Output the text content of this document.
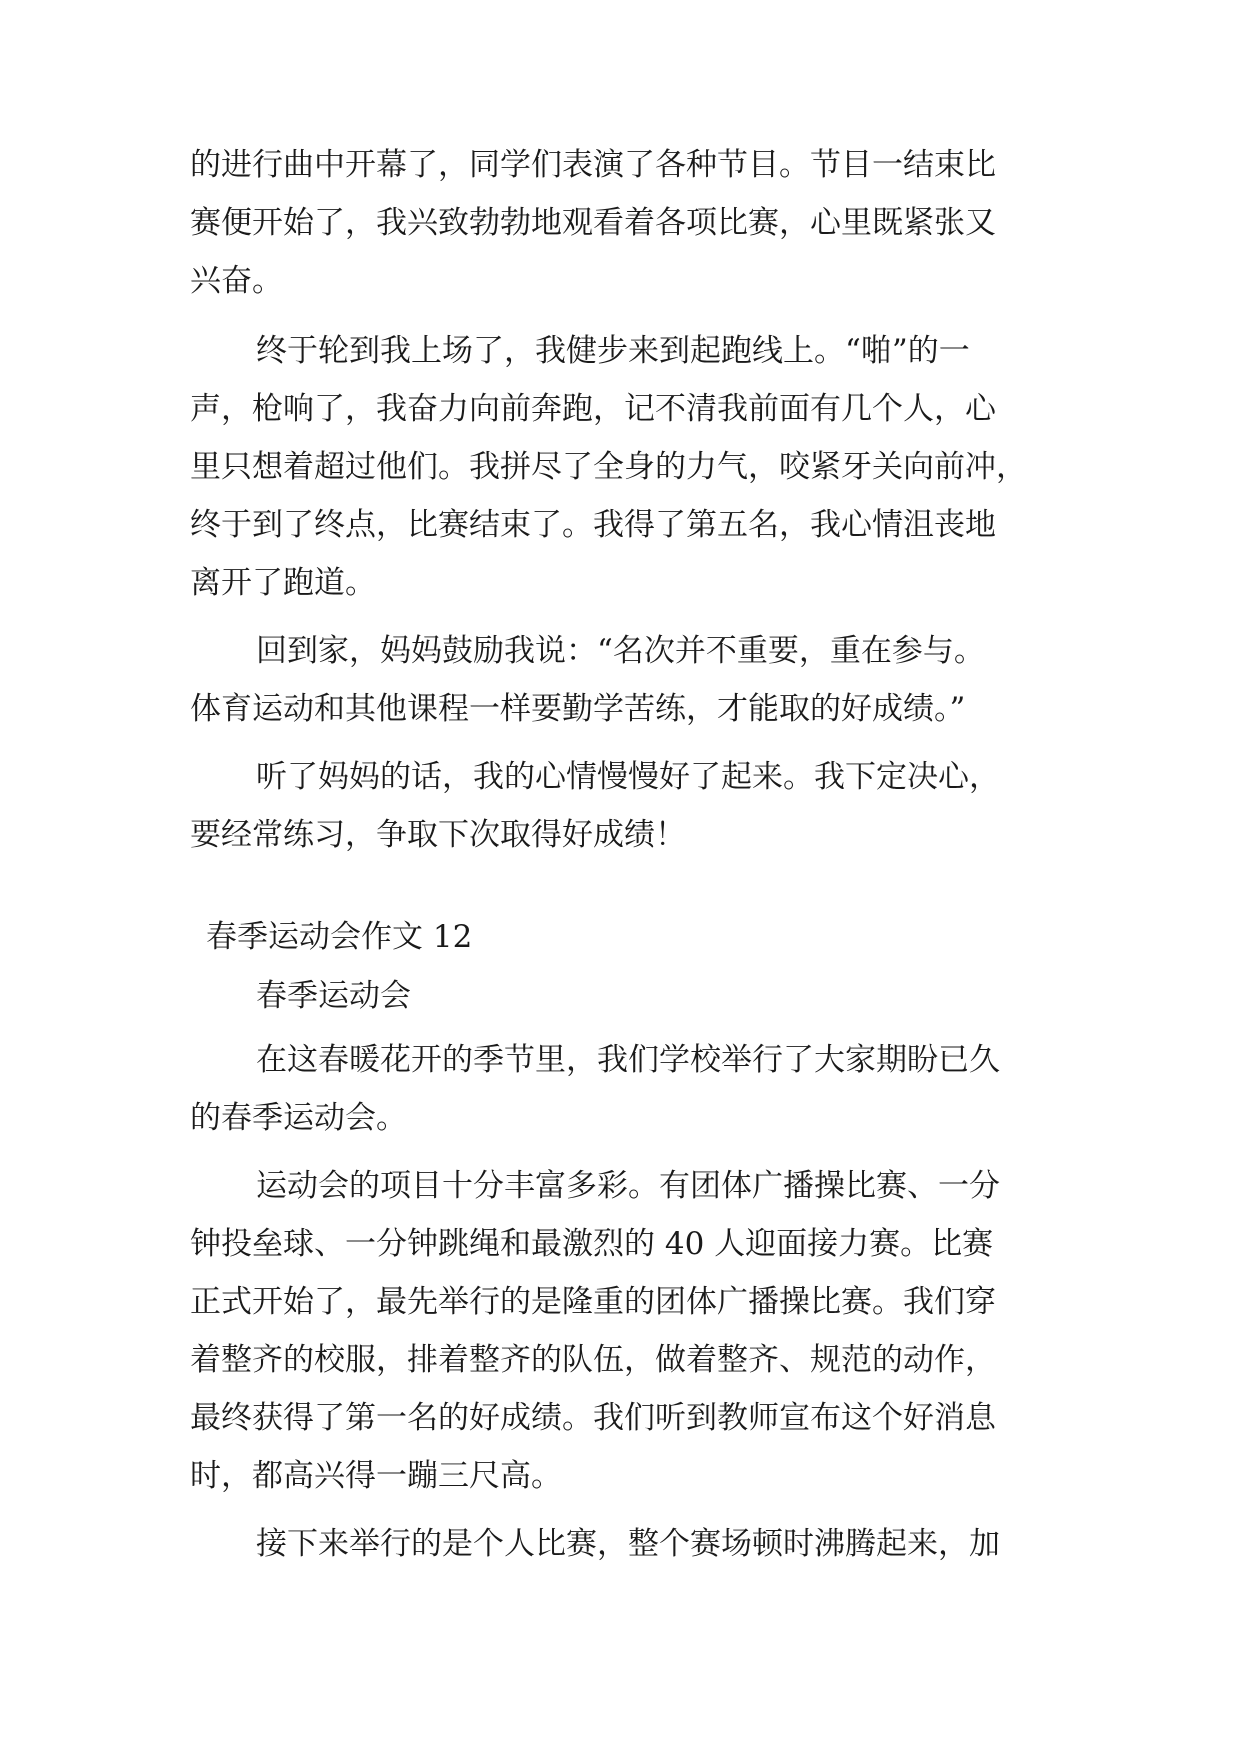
的进行曲中开幕了，同学们表演了各种节目。节目一结束比
赛便开始了，我兴致勃勃地观看着各项比赛，心里既紧张又
兴奋。
终于轮到我上场了，我健步来到起跑线上。“啪”的一
声，枪响了，我奋力向前奔跑，记不清我前面有几个人，心
里只想着超过他们。我拼尽了全身的力气，咬紧牙关向前冲，
终于到了终点，比赛结束了。我得了第五名，我心情沮丧地
离开了跑道。
回到家，妈妈鼓励我说：“名次并不重要，重在参与。
体育运动和其他课程一样要勤学苦练，才能取的好成绩。”
听了妈妈的话，我的心情慢慢好了起来。我下定决心，
要经常练习，争取下次取得好成绩！
春季运动会作文 12
春季运动会
在这春暖花开的季节里，我们学校举行了大家期盼已久
的春季运动会。
运动会的项目十分丰富多彩。有团体广播操比赛、一分
钟投垒球、一分钟跳绳和最激烈的 40 人迎面接力赛。比赛
正式开始了，最先举行的是隆重的团体广播操比赛。我们穿
着整齐的校服，排着整齐的队伍，做着整齐、规范的动作，
最终获得了第一名的好成绩。我们听到教师宣布这个好消息
时，都高兴得一蹦三尺高。
接下来举行的是个人比赛，整个赛场顿时沸腾起来，加
